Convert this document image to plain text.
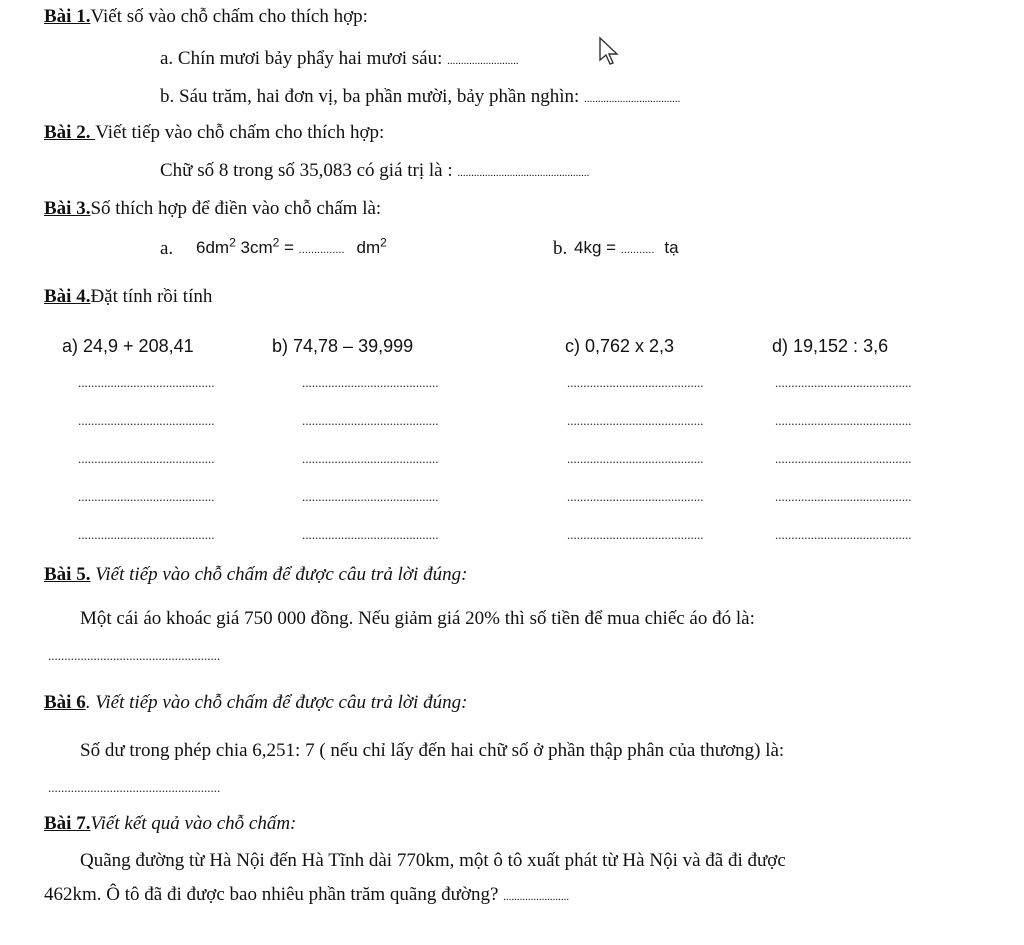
Bài 1.Viết số vào chỗ chấm cho thích hợp:
a. Chín mươi bảy phẩy hai mươi sáu: ..........................
b. Sáu trăm, hai đơn vị, ba phần mười, bảy phần nghìn: ...................................
Bài 2. Viết tiếp vào chỗ chấm cho thích hợp:
Chữ số 8 trong số 35,083 có giá trị là : ................................................
Bài 3.Số thích hợp để điền vào chỗ chấm là:
a. $6dm^2$ $3cm^2$ = ............... $dm^2$	b. 4kg = ........... tạ
Bài 4.Đặt tính rồi tính
a) 24,9 + 208,41	b) 74,78 – 39,999	c) 0,762 x 2,3	d) 19,152 : 3,6
..........................................	..........................................	..........................................	..........................................
..........................................	..........................................	..........................................	..........................................
..........................................	..........................................	..........................................	..........................................
..........................................	..........................................	..........................................	..........................................
..........................................	..........................................	..........................................	..........................................
Bài 5. Viết tiếp vào chỗ chấm để được câu trả lời đúng:
Một cái áo khoác giá 750 000 đồng. Nếu giảm giá 20% thì số tiền để mua chiếc áo đó là:
.....................................................
Bài 6. Viết tiếp vào chỗ chấm để được câu trả lời đúng:
Số dư trong phép chia 6,251: 7 ( nếu chỉ lấy đến hai chữ số ở phần thập phân của thương) là:
.....................................................
Bài 7.Viết kết quả vào chỗ chấm:
Quãng đường từ Hà Nội đến Hà Tĩnh dài 770km, một ô tô xuất phát từ Hà Nội và đã đi được
462km. Ô tô đã đi được bao nhiêu phần trăm quãng đường? ........................
